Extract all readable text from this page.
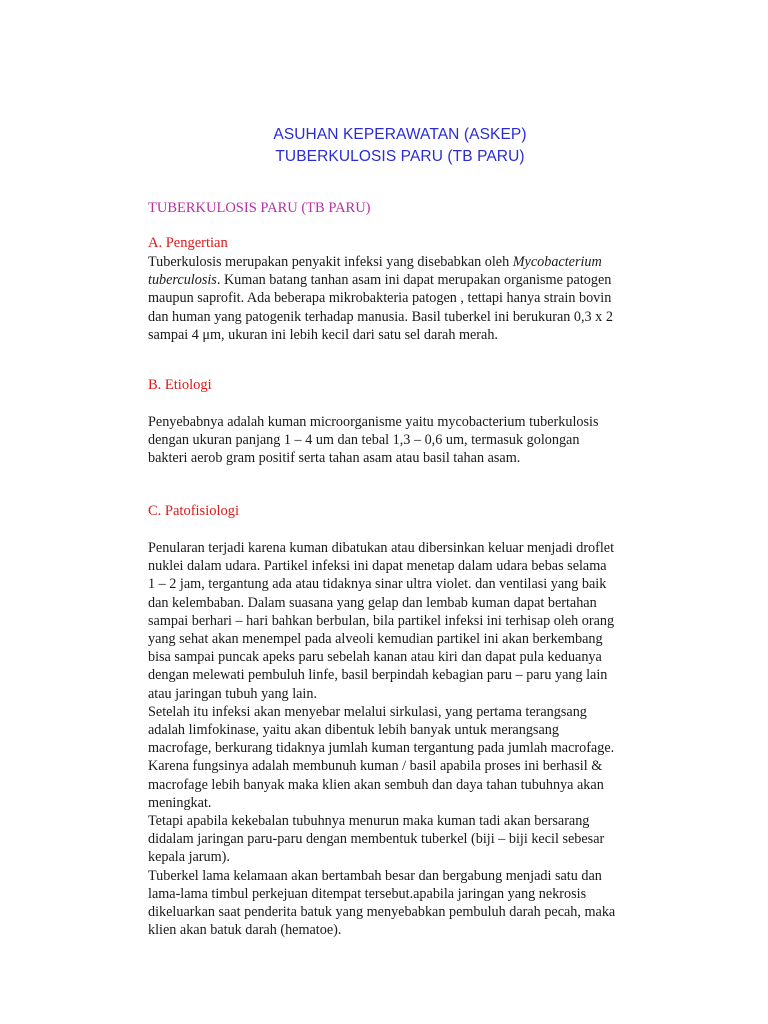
ASUHAN KEPERAWATAN (ASKEP)
TUBERKULOSIS PARU (TB PARU)
TUBERKULOSIS PARU (TB PARU)
A. Pengertian
Tuberkulosis merupakan penyakit infeksi yang disebabkan oleh Mycobacterium
tuberculosis. Kuman batang tanhan asam ini dapat merupakan organisme patogen
maupun saprofit. Ada beberapa mikrobakteria patogen , tettapi hanya strain bovin
dan human yang patogenik terhadap manusia. Basil tuberkel ini berukuran 0,3 x 2
sampai 4 μm, ukuran ini lebih kecil dari satu sel darah merah.
B. Etiologi
Penyebabnya adalah kuman microorganisme yaitu mycobacterium tuberkulosis
dengan ukuran panjang 1 – 4 um dan tebal 1,3 – 0,6 um, termasuk golongan
bakteri aerob gram positif serta tahan asam atau basil tahan asam.
C. Patofisiologi
Penularan terjadi karena kuman dibatukan atau dibersinkan keluar menjadi droflet
nuklei dalam udara. Partikel infeksi ini dapat menetap dalam udara bebas selama
1 – 2 jam, tergantung ada atau tidaknya sinar ultra violet. dan ventilasi yang baik
dan kelembaban. Dalam suasana yang gelap dan lembab kuman dapat bertahan
sampai berhari – hari bahkan berbulan, bila partikel infeksi ini terhisap oleh orang
yang sehat akan menempel pada alveoli kemudian partikel ini akan berkembang
bisa sampai puncak apeks paru sebelah kanan atau kiri dan dapat pula keduanya
dengan melewati pembuluh linfe, basil berpindah kebagian paru – paru yang lain
atau jaringan tubuh yang lain.
Setelah itu infeksi akan menyebar melalui sirkulasi, yang pertama terangsang
adalah limfokinase, yaitu akan dibentuk lebih banyak untuk merangsang
macrofage, berkurang tidaknya jumlah kuman tergantung pada jumlah macrofage.
Karena fungsinya adalah membunuh kuman / basil apabila proses ini berhasil &
macrofage lebih banyak maka klien akan sembuh dan daya tahan tubuhnya akan
meningkat.
Tetapi apabila kekebalan tubuhnya menurun maka kuman tadi akan bersarang
didalam jaringan paru-paru dengan membentuk tuberkel (biji – biji kecil sebesar
kepala jarum).
Tuberkel lama kelamaan akan bertambah besar dan bergabung menjadi satu dan
lama-lama timbul perkejuan ditempat tersebut.apabila jaringan yang nekrosis
dikeluarkan saat penderita batuk yang menyebabkan pembuluh darah pecah, maka
klien akan batuk darah (hematoe).
